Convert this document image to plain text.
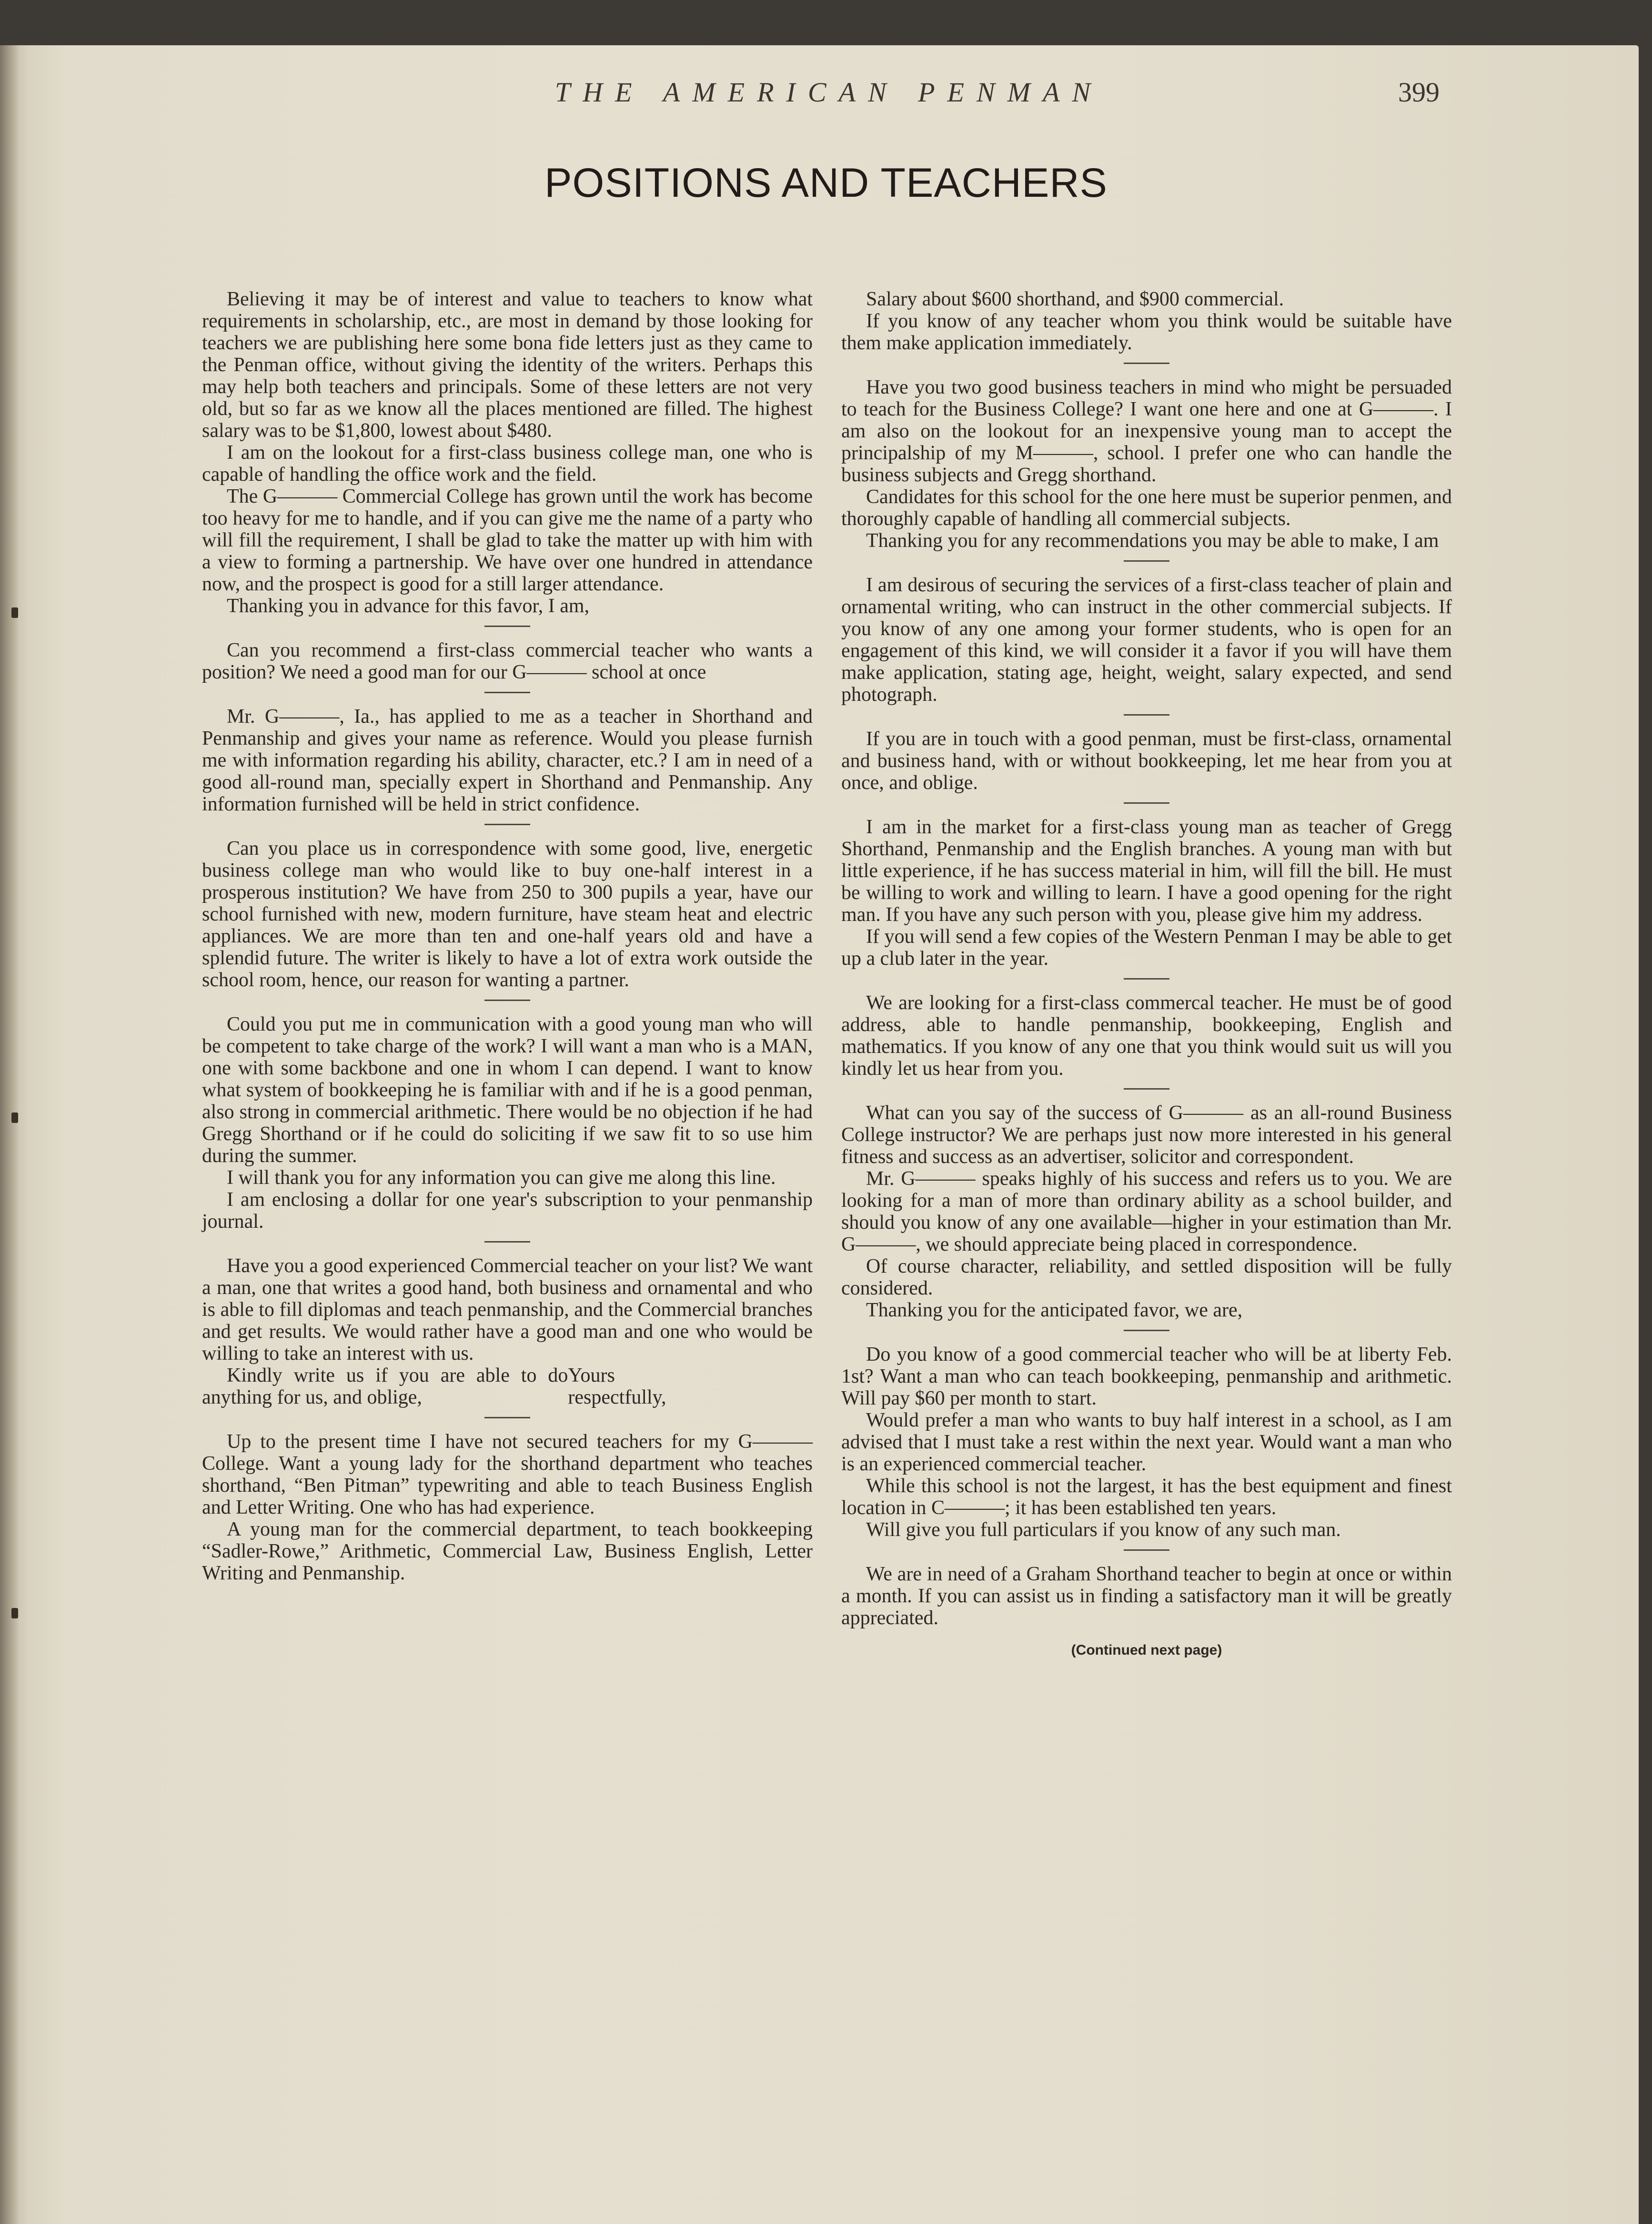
THE AMERICAN PENMAN	399
POSITIONS AND TEACHERS

Believing it may be of interest and value to teachers to know what requirements in scholarship, etc., are most in demand by those looking for teachers we are publishing here some bona fide letters just as they came to the Penman office, without giving the identity of the writers. Perhaps this may help both teachers and principals. Some of these letters are not very old, but so far as we know all the places mentioned are filled. The highest salary was to be $1,800, lowest about $480.

I am on the lookout for a first-class business college man, one who is capable of handling the office work and the field.

The G——— Commercial College has grown until the work has become too heavy for me to handle, and if you can give me the name of a party who will fill the requirement, I shall be glad to take the matter up with him with a view to forming a partnership. We have over one hundred in attendance now, and the prospect is good for a still larger attendance.

Thanking you in advance for this favor, I am,

Can you recommend a first-class commercial teacher who wants a position? We need a good man for our G——— school at once

Mr. G———, Ia., has applied to me as a teacher in Shorthand and Penmanship and gives your name as reference. Would you please furnish me with information regarding his ability, character, etc.? I am in need of a good all-round man, specially expert in Shorthand and Penmanship. Any information furnished will be held in strict confidence.

Can you place us in correspondence with some good, live, energetic business college man who would like to buy one-half interest in a prosperous institution? We have from 250 to 300 pupils a year, have our school furnished with new, modern furniture, have steam heat and electric appliances. We are more than ten and one-half years old and have a splendid future. The writer is likely to have a lot of extra work outside the school room, hence, our reason for wanting a partner.

Could you put me in communication with a good young man who will be competent to take charge of the work? I will want a man who is a MAN, one with some backbone and one in whom I can depend. I want to know what system of bookkeeping he is familiar with and if he is a good penman, also strong in commercial arithmetic. There would be no objection if he had Gregg Shorthand or if he could do soliciting if we saw fit to so use him during the summer.

I will thank you for any information you can give me along this line.

I am enclosing a dollar for one year's subscription to your penmanship journal.

Have you a good experienced Commercial teacher on your list? We want a man, one that writes a good hand, both business and ornamental and who is able to fill diplomas and teach penmanship, and the Commercial branches and get results. We would rather have a good man and one who would be willing to take an interest with us.

Kindly write us if you are able to do anything for us, and oblige,
Yours respectfully,

Up to the present time I have not secured teachers for my G——— College. Want a young lady for the shorthand department who teaches shorthand, “Ben Pitman” typewriting and able to teach Business English and Letter Writing. One who has had experience.

A young man for the commercial department, to teach bookkeeping “Sadler-Rowe,” Arithmetic, Commercial Law, Business English, Letter Writing and Penmanship.

Salary about $600 shorthand, and $900 commercial.

If you know of any teacher whom you think would be suitable have them make application immediately.

Have you two good business teachers in mind who might be persuaded to teach for the Business College? I want one here and one at G———. I am also on the lookout for an inexpensive young man to accept the principalship of my M———, school. I prefer one who can handle the business subjects and Gregg shorthand.

Candidates for this school for the one here must be superior penmen, and thoroughly capable of handling all commercial subjects.

Thanking you for any recommendations you may be able to make, I am

I am desirous of securing the services of a first-class teacher of plain and ornamental writing, who can instruct in the other commercial subjects. If you know of any one among your former students, who is open for an engagement of this kind, we will consider it a favor if you will have them make application, stating age, height, weight, salary expected, and send photograph.

If you are in touch with a good penman, must be first-class, ornamental and business hand, with or without bookkeeping, let me hear from you at once, and oblige.

I am in the market for a first-class young man as teacher of Gregg Shorthand, Penmanship and the English branches. A young man with but little experience, if he has success material in him, will fill the bill. He must be willing to work and willing to learn. I have a good opening for the right man. If you have any such person with you, please give him my address.

If you will send a few copies of the Western Penman I may be able to get up a club later in the year.

We are looking for a first-class commercal teacher. He must be of good address, able to handle penmanship, bookkeeping, English and mathematics. If you know of any one that you think would suit us will you kindly let us hear from you.

What can you say of the success of G——— as an all-round Business College instructor? We are perhaps just now more interested in his general fitness and success as an advertiser, solicitor and correspondent.

Mr. G——— speaks highly of his success and refers us to you. We are looking for a man of more than ordinary ability as a school builder, and should you know of any one available—higher in your estimation than Mr. G———, we should appreciate being placed in correspondence.

Of course character, reliability, and settled disposition will be fully considered.

Thanking you for the anticipated favor, we are,

Do you know of a good commercial teacher who will be at liberty Feb. 1st? Want a man who can teach bookkeeping, penmanship and arithmetic. Will pay $60 per month to start.

Would prefer a man who wants to buy half interest in a school, as I am advised that I must take a rest within the next year. Would want a man who is an experienced commercial teacher.

While this school is not the largest, it has the best equipment and finest location in C———; it has been established ten years.

Will give you full particulars if you know of any such man.

We are in need of a Graham Shorthand teacher to begin at once or within a month. If you can assist us in finding a satisfactory man it will be greatly appreciated.

(Continued next page)
